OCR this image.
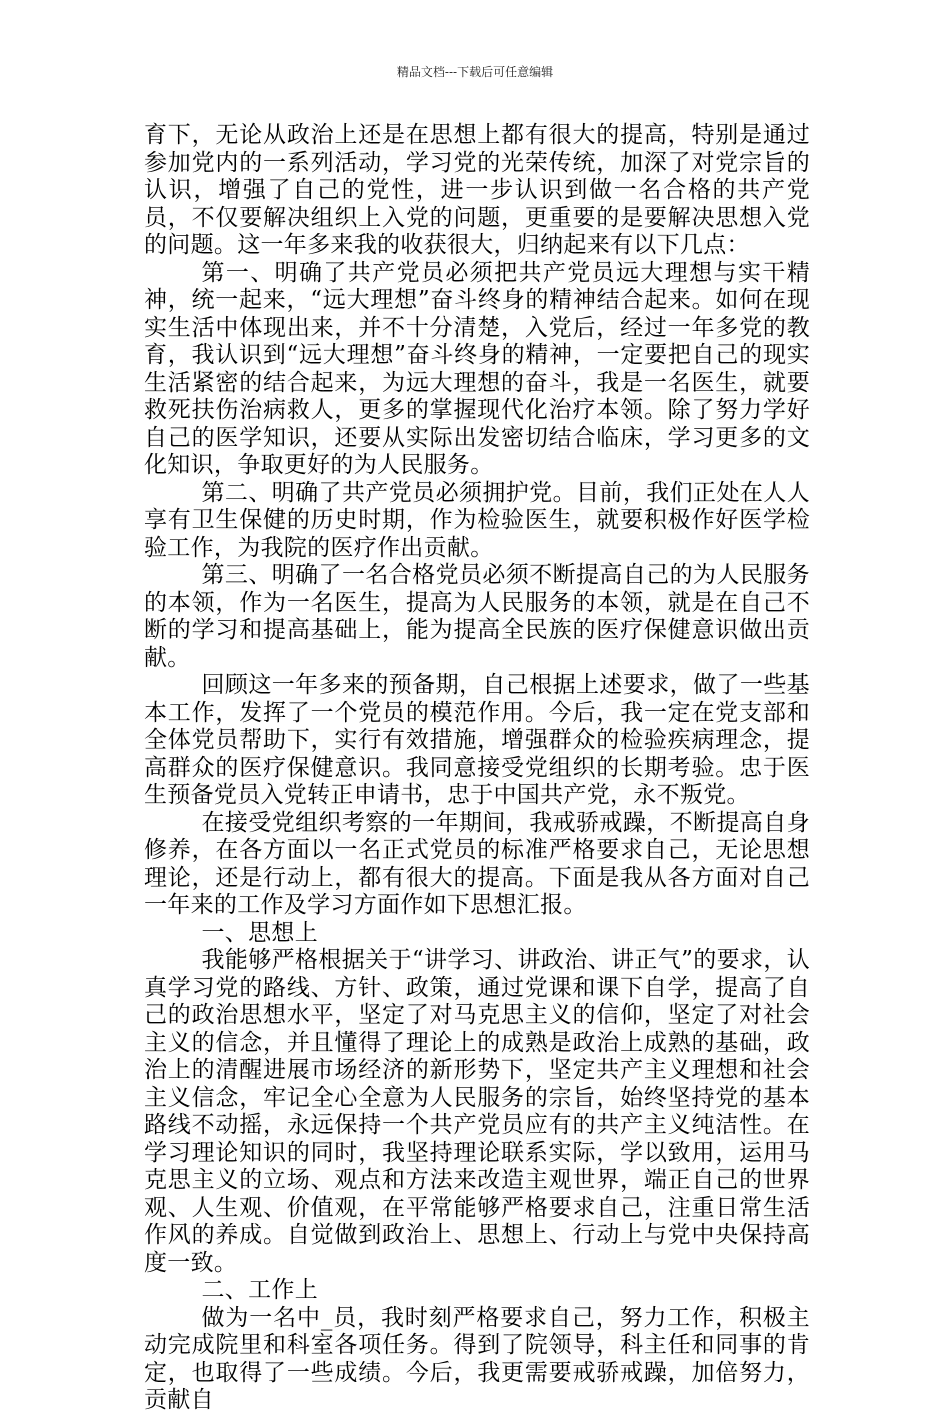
精品文档---下载后可任意编辑

育下，无论从政治上还是在思想上都有很大的提高，特别是通过参加党内的一系列活动，学习党的光荣传统，加深了对党宗旨的认识，增强了自己的党性，进一步认识到做一名合格的共产党员，不仅要解决组织上入党的问题，更重要的是要解决思想入党的问题。这一年多来我的收获很大，归纳起来有以下几点：

第一、明确了共产党员必须把共产党员远大理想与实干精神，统一起来，“远大理想”奋斗终身的精神结合起来。如何在现实生活中体现出来，并不十分清楚，入党后，经过一年多党的教育，我认识到“远大理想”奋斗终身的精神，一定要把自己的现实生活紧密的结合起来，为远大理想的奋斗，我是一名医生，就要救死扶伤治病救人，更多的掌握现代化治疗本领。除了努力学好自己的医学知识，还要从实际出发密切结合临床，学习更多的文化知识，争取更好的为人民服务。

第二、明确了共产党员必须拥护党。目前，我们正处在人人享有卫生保健的历史时期，作为检验医生，就要积极作好医学检验工作，为我院的医疗作出贡献。

第三、明确了一名合格党员必须不断提高自己的为人民服务的本领，作为一名医生，提高为人民服务的本领，就是在自己不断的学习和提高基础上，能为提高全民族的医疗保健意识做出贡献。

回顾这一年多来的预备期，自己根据上述要求，做了一些基本工作，发挥了一个党员的模范作用。今后，我一定在党支部和全体党员帮助下，实行有效措施，增强群众的检验疾病理念，提高群众的医疗保健意识。我同意接受党组织的长期考验。忠于医生预备党员入党转正申请书，忠于中国共产党，永不叛党。

在接受党组织考察的一年期间，我戒骄戒躁，不断提高自身修养，在各方面以一名正式党员的标准严格要求自己，无论思想理论，还是行动上，都有很大的提高。下面是我从各方面对自己一年来的工作及学习方面作如下思想汇报。

一、思想上

我能够严格根据关于“讲学习、讲政治、讲正气”的要求，认真学习党的路线、方针、政策，通过党课和课下自学，提高了自己的政治思想水平，坚定了对马克思主义的信仰，坚定了对社会主义的信念，并且懂得了理论上的成熟是政治上成熟的基础，政治上的清醒进展市场经济的新形势下，坚定共产主义理想和社会主义信念，牢记全心全意为人民服务的宗旨，始终坚持党的基本路线不动摇，永远保持一个共产党员应有的共产主义纯洁性。在学习理论知识的同时，我坚持理论联系实际，学以致用，运用马克思主义的立场、观点和方法来改造主观世界，端正自己的世界观、人生观、价值观，在平常能够严格要求自己，注重日常生活作风的养成。自觉做到政治上、思想上、行动上与党中央保持高度一致。

二、工作上

做为一名中_员，我时刻严格要求自己，努力工作，积极主动完成院里和科室各项任务。得到了院领导，科主任和同事的肯定，也取得了一些成绩。今后，我更需要戒骄戒躁，加倍努力，贡献自
